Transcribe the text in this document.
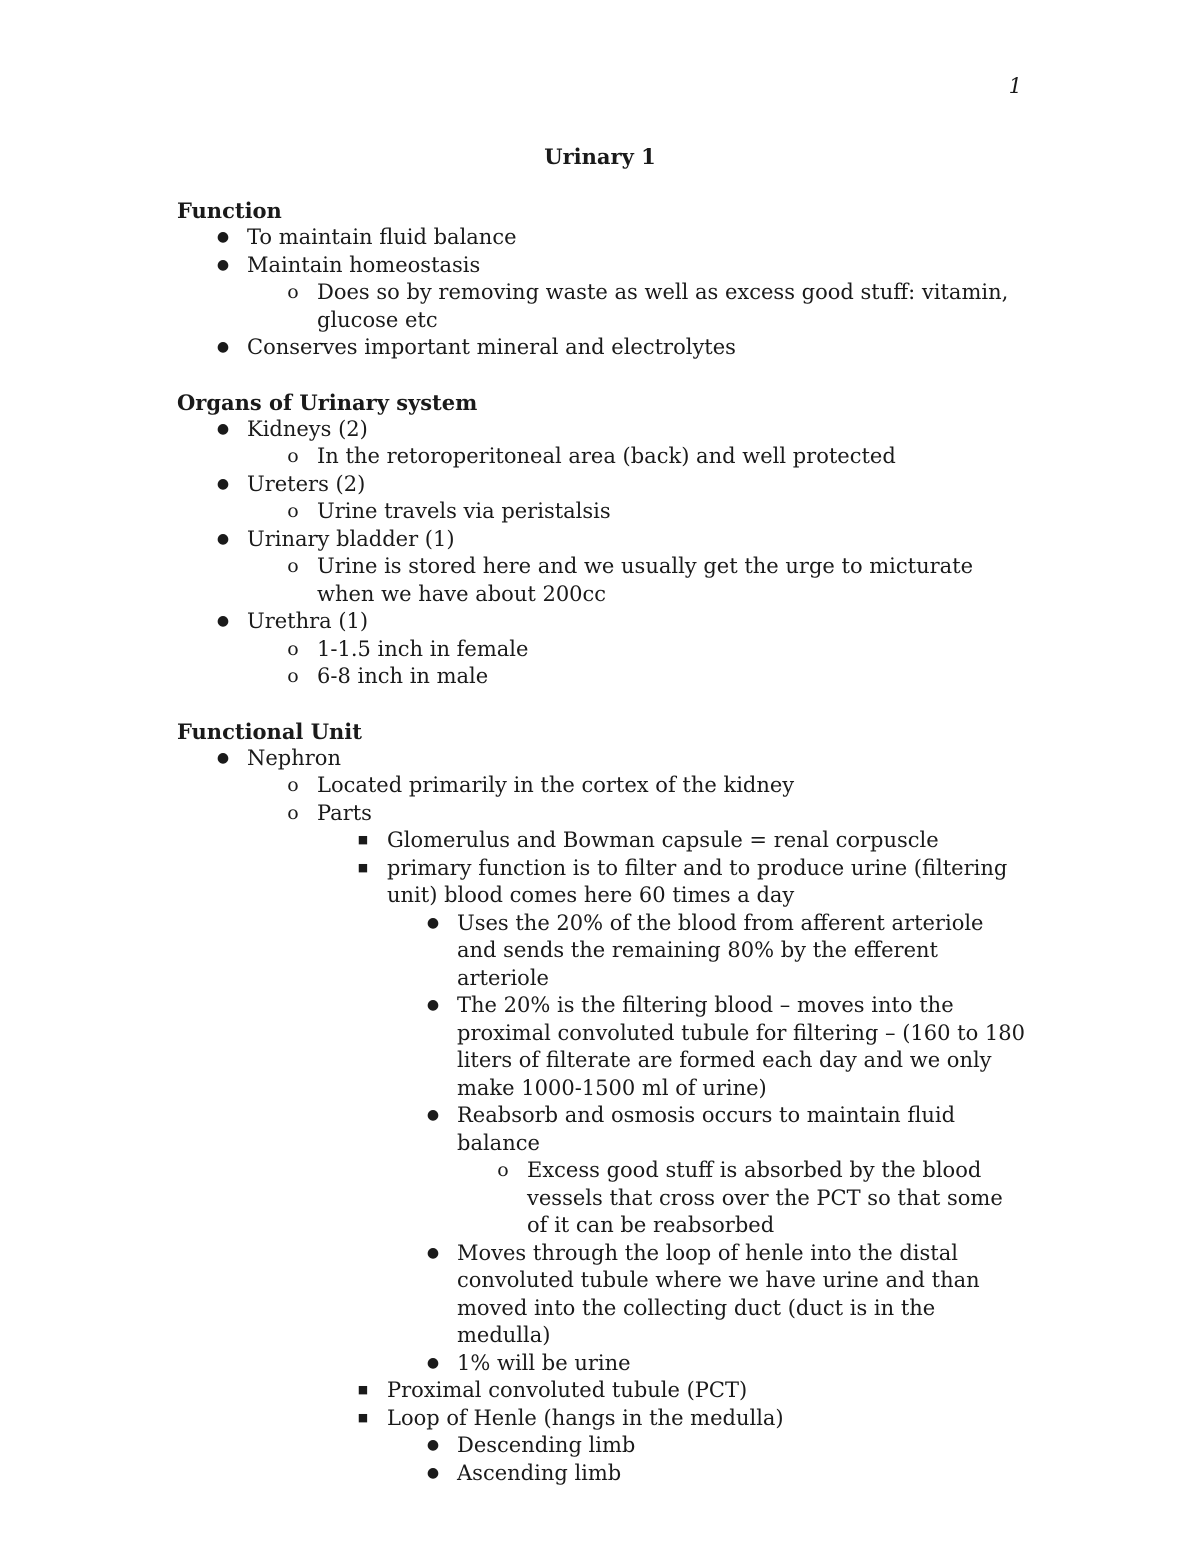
1
Urinary 1
Function
●
To maintain fluid balance
●
Maintain homeostasis
o
Does so by removing waste as well as excess good stuff: vitamin, glucose etc
●
Conserves important mineral and electrolytes
Organs of Urinary system
●
Kidneys (2)
o
In the retoroperitoneal area (back) and well protected
●
Ureters (2)
o
Urine travels via peristalsis
●
Urinary bladder (1)
o
Urine is stored here and we usually get the urge to micturate when we have about 200cc
●
Urethra (1)
o
1-1.5 inch in female
o
6-8 inch in male
Functional Unit
●
Nephron
o
Located primarily in the cortex of the kidney
o
Parts
■
Glomerulus and Bowman capsule = renal corpuscle
■
primary function is to filter and to produce urine (filtering unit) blood comes here 60 times a day
●
Uses the 20% of the blood from afferent arteriole and sends the remaining 80% by the efferent arteriole
●
The 20% is the filtering blood – moves into the proximal convoluted tubule for filtering – (160 to 180 liters of filterate are formed each day and we only make 1000-1500 ml of urine)
●
Reabsorb and osmosis occurs to maintain fluid balance
o
Excess good stuff is absorbed by the blood vessels that cross over the PCT so that some of it can be reabsorbed
●
Moves through the loop of henle into the distal convoluted tubule where we have urine and than moved into the collecting duct (duct is in the medulla)
●
1% will be urine
■
Proximal convoluted tubule (PCT)
■
Loop of Henle (hangs in the medulla)
●
Descending limb
●
Ascending limb
